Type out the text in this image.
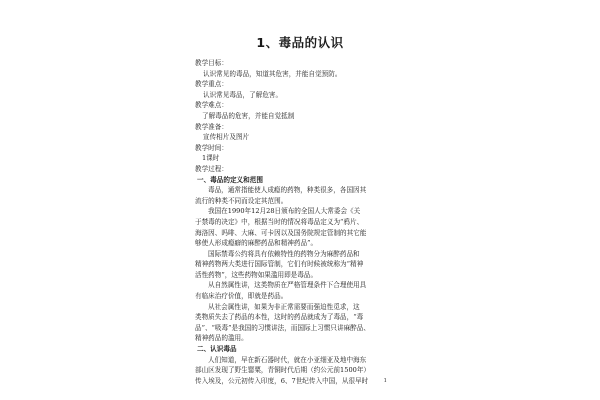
1、毒品的认识

教学目标：

认识常见的毒品，知道其危害，并能自觉预防。

教学重点：

认识常见毒品，了解危害。

教学难点：

了解毒品的危害，并能自觉抵制

教学准备：

宣传相片及图片

教学时间：

1课时

教学过程：

一、毒品的定义和范围

毒品，通常指能使人成瘾的药物，种类很多，各国因其

流行的种类不同而设定其范围。

我国在1990年12月28日颁布的全国人大常委会《关

于禁毒的决定》中，根据当时的情况将毒品定义为“鸦片、

海洛因、吗啡、大麻、可卡因以及国务院规定管制的其它能

够使人形成瘾癖的麻醉药品和精神药品”。

国际禁毒公约将具有依赖特性的药物分为麻醉药品和

精神药物两大类进行国际管制，它们有时候被统称为“精神

活性药物”，这些药物如果滥用即是毒品。

从自然属性讲，这类物质在严格管理条件下合理使用具

有临床治疗价值，即就是药品。

从社会属性讲，如果为非正常需要而强迫性觅求，这

类物质失去了药品的本性，这时的药品就成为了毒品，“毒

品”、“吸毒”是我国的习惯讲法，而国际上习惯只讲麻醉品、

精神药品的滥用。

二、认识毒品

人们知道，早在新石器时代，就在小亚细亚及地中海东

部山区发现了野生罂粟，青铜时代后期（约公元前1500年）

传入埃及，公元初传入印度，6、7世纪传入中国，从很早时	1
